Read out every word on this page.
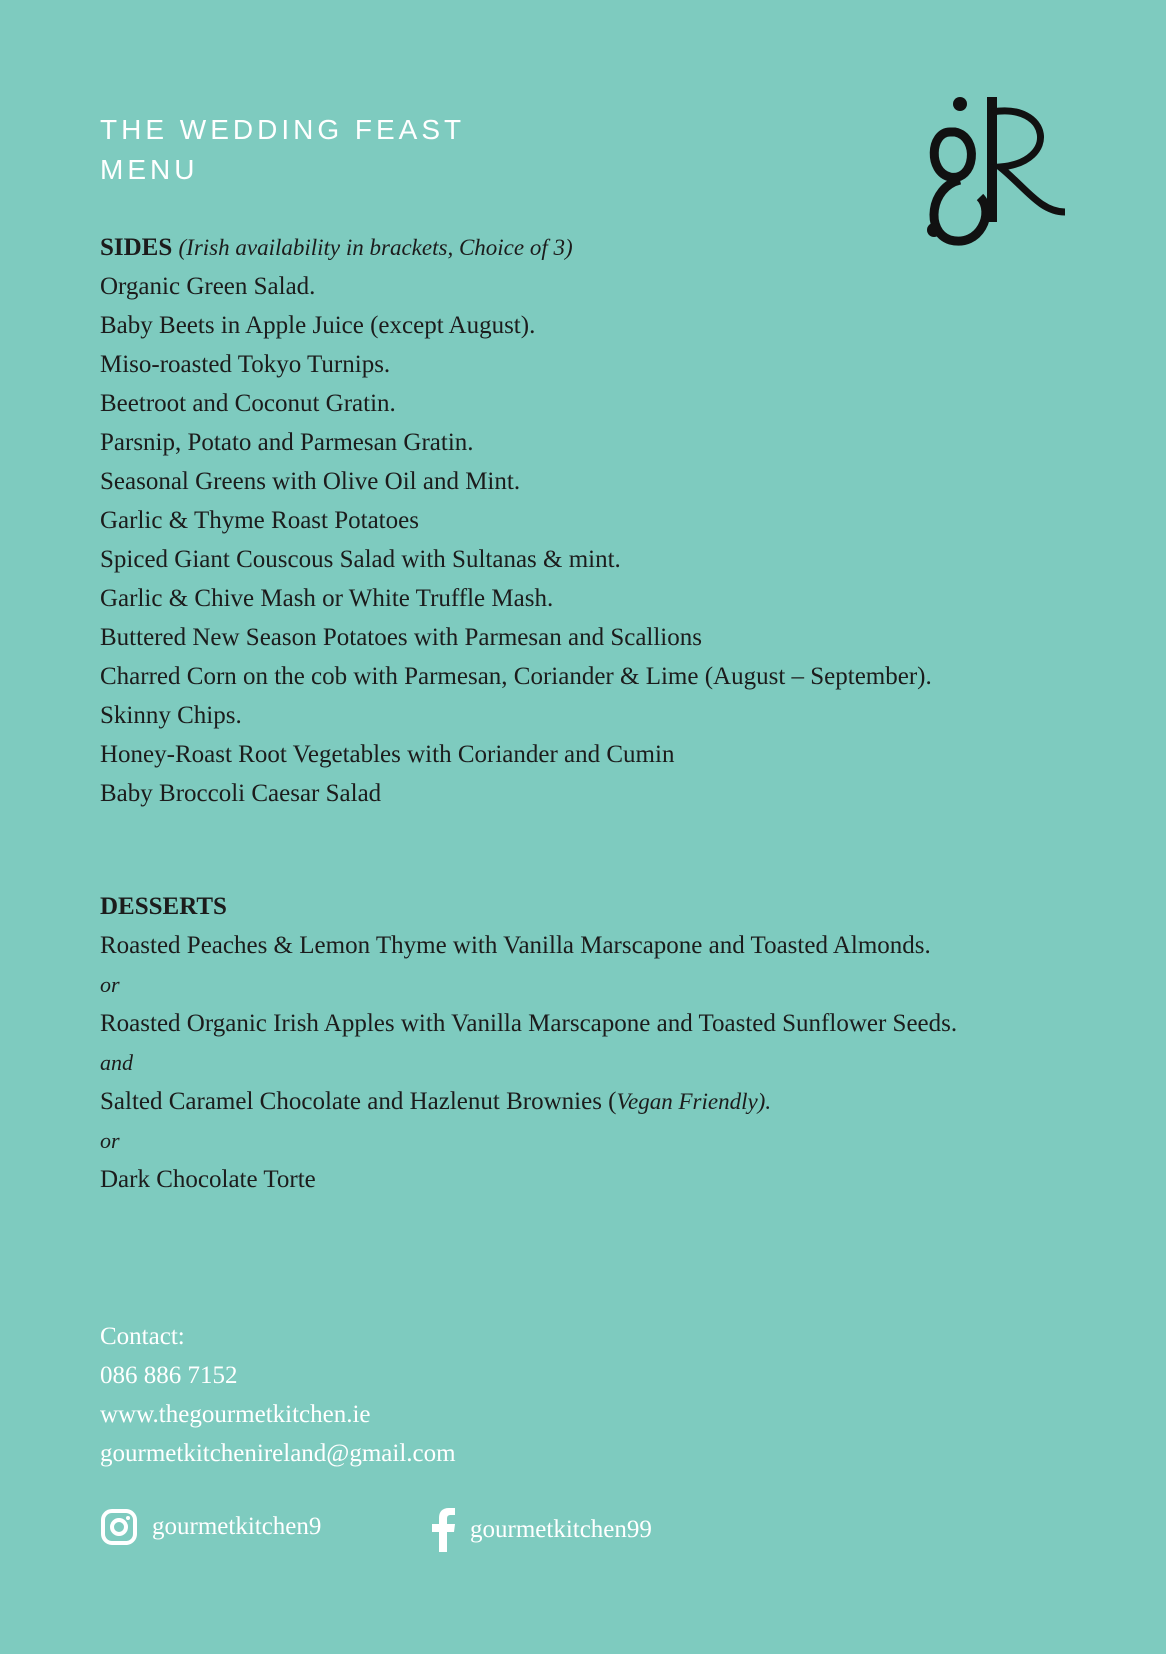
THE WEDDING FEAST
MENU
SIDES (Irish availability in brackets, Choice of 3)
Organic Green Salad.
Baby Beets in Apple Juice (except August).
Miso-roasted Tokyo Turnips.
Beetroot and Coconut Gratin.
Parsnip, Potato and Parmesan Gratin.
Seasonal Greens with Olive Oil and Mint.
Garlic & Thyme Roast Potatoes
Spiced Giant Couscous Salad with Sultanas & mint.
Garlic & Chive Mash or White Truffle Mash.
Buttered New Season Potatoes with Parmesan and Scallions
Charred Corn on the cob with Parmesan, Coriander & Lime (August – September).
Skinny Chips.
Honey-Roast Root Vegetables with Coriander and Cumin
Baby Broccoli Caesar Salad
DESSERTS
Roasted Peaches & Lemon Thyme with Vanilla Marscapone and Toasted Almonds.
or
Roasted Organic Irish Apples with Vanilla Marscapone and Toasted Sunflower Seeds.
and
Salted Caramel Chocolate and Hazlenut Brownies (Vegan Friendly).
or
Dark Chocolate Torte
Contact:
086 886 7152
www.thegourmetkitchen.ie
gourmetkitchenireland@gmail.com
gourmetkitchen9	gourmetkitchen99
